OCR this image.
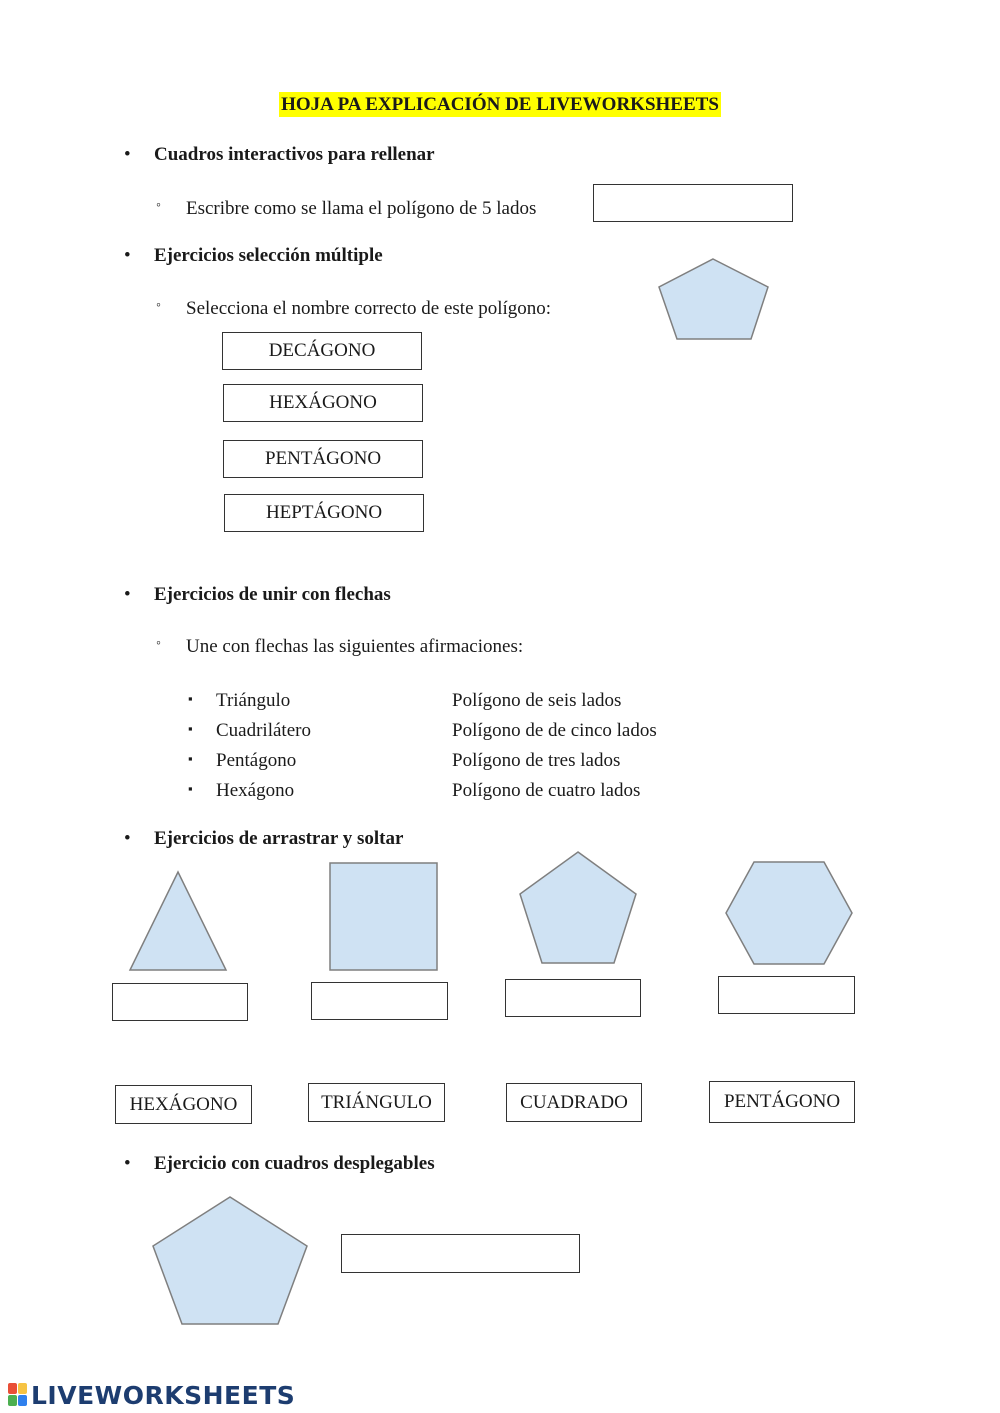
HOJA PA EXPLICACIÓN DE LIVEWORKSHEETS
•	Cuadros interactivos para rellenar
◦ Escribre como se llama el polígono de 5 lados
•	Ejercicios selección múltiple
◦ Selecciona el nombre correcto de este polígono:
DECÁGONO
HEXÁGONO
PENTÁGONO
HEPTÁGONO
•	Ejercicios de unir con flechas
◦ Une con flechas las siguientes afirmaciones:
▪ Triángulo	Polígono de seis lados
▪ Cuadrilátero	Polígono de de cinco lados
▪ Pentágono	Polígono de tres lados
▪ Hexágono	Polígono de cuatro lados
•	Ejercicios de arrastrar y soltar
HEXÁGONO	TRIÁNGULO	CUADRADO	PENTÁGONO
•	Ejercicio con cuadros desplegables
LIVEWORKSHEETS
